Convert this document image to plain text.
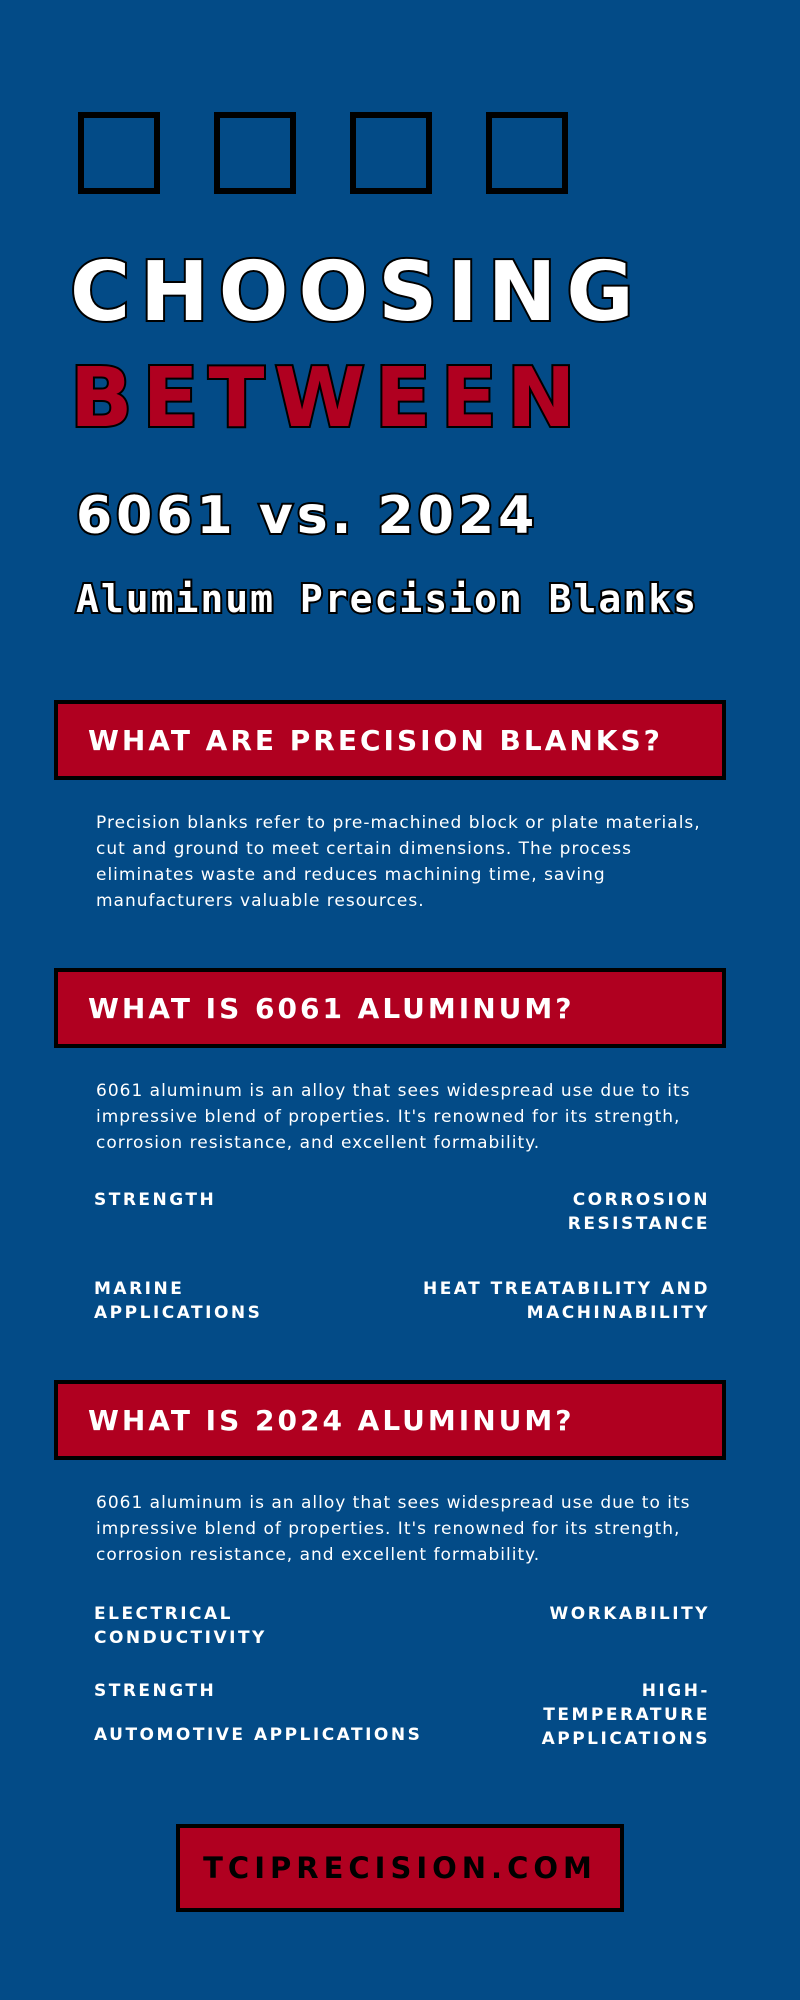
CHOOSING
BETWEEN
6061 vs. 2024
Aluminum Precision Blanks
WHAT ARE PRECISION BLANKS?
Precision blanks refer to pre-machined block or plate materials, cut and ground to meet certain dimensions. The process eliminates waste and reduces machining time, saving manufacturers valuable resources.
WHAT IS 6061 ALUMINUM?
6061 aluminum is an alloy that sees widespread use due to its impressive blend of properties. It's renowned for its strength, corrosion resistance, and excellent formability.
STRENGTH	CORROSION RESISTANCE
MARINE APPLICATIONS
HEAT TREATABILITY AND MACHINABILITY
WHAT IS 2024 ALUMINUM?
6061 aluminum is an alloy that sees widespread use due to its impressive blend of properties. It's renowned for its strength, corrosion resistance, and excellent formability.
ELECTRICAL CONDUCTIVITY
WORKABILITY
STRENGTH	HIGH-TEMPERATURE APPLICATIONS
AUTOMOTIVE APPLICATIONS
TCIPRECISION.COM
